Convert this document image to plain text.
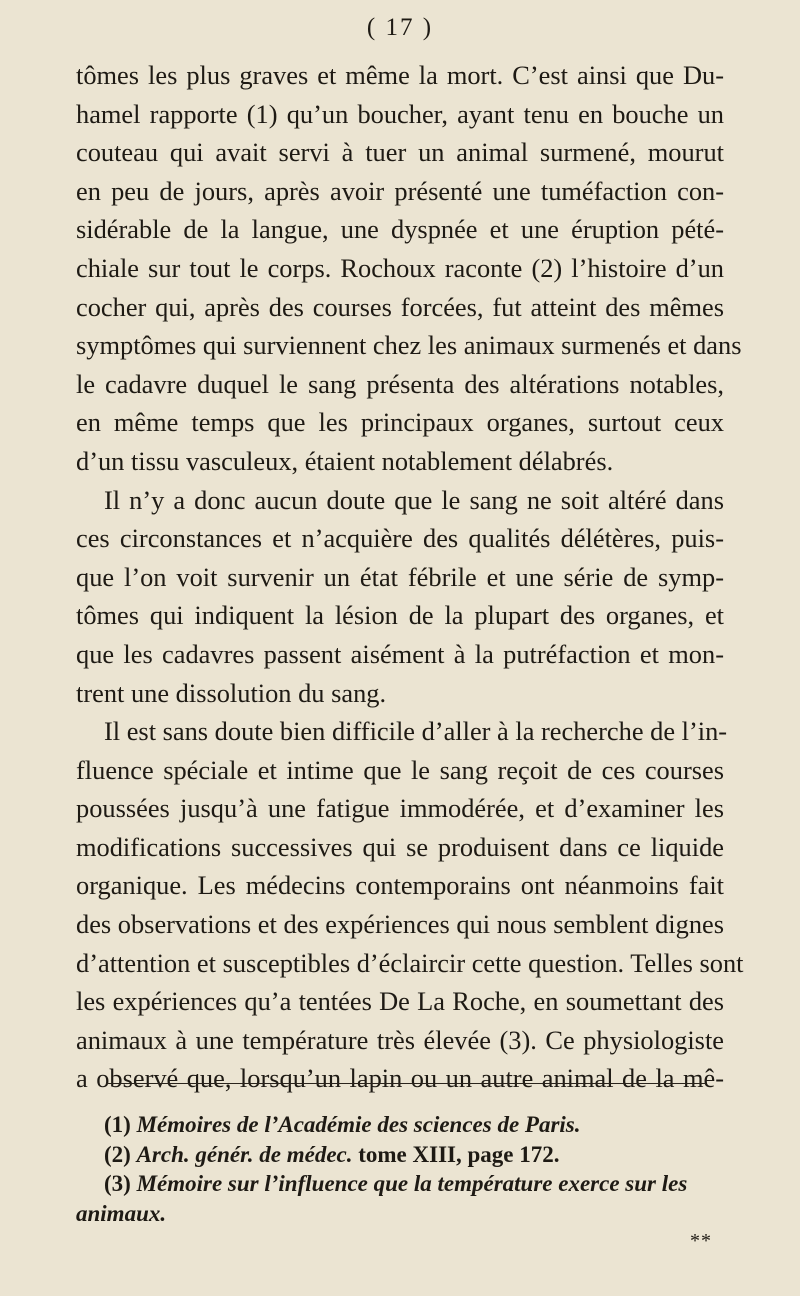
( 17 )
tômes les plus graves et même la mort. C’est ainsi que Du-
hamel rapporte (1) qu’un boucher, ayant tenu en bouche un
couteau qui avait servi à tuer un animal surmené, mourut
en peu de jours, après avoir présenté une tuméfaction con-
sidérable de la langue, une dyspnée et une éruption pété-
chiale sur tout le corps. Rochoux raconte (2) l’histoire d’un
cocher qui, après des courses forcées, fut atteint des mêmes
symptômes qui surviennent chez les animaux surmenés et dans
le cadavre duquel le sang présenta des altérations notables,
en même temps que les principaux organes, surtout ceux
d’un tissu vasculeux, étaient notablement délabrés.
Il n’y a donc aucun doute que le sang ne soit altéré dans
ces circonstances et n’acquière des qualités délétères, puis-
que l’on voit survenir un état fébrile et une série de symp-
tômes qui indiquent la lésion de la plupart des organes, et
que les cadavres passent aisément à la putréfaction et mon-
trent une dissolution du sang.
Il est sans doute bien difficile d’aller à la recherche de l’in-
fluence spéciale et intime que le sang reçoit de ces courses
poussées jusqu’à une fatigue immodérée, et d’examiner les
modifications successives qui se produisent dans ce liquide
organique. Les médecins contemporains ont néanmoins fait
des observations et des expériences qui nous semblent dignes
d’attention et susceptibles d’éclaircir cette question. Telles sont
les expériences qu’a tentées De La Roche, en soumettant des
animaux à une température très élevée (3). Ce physiologiste
a observé que, lorsqu’un lapin ou un autre animal de la mê-
(1) Mémoires de l’Académie des sciences de Paris.
(2) Arch. génér. de médec. tome XIII, page 172.
(3) Mémoire sur l’influence que la température exerce sur les
animaux.
**
